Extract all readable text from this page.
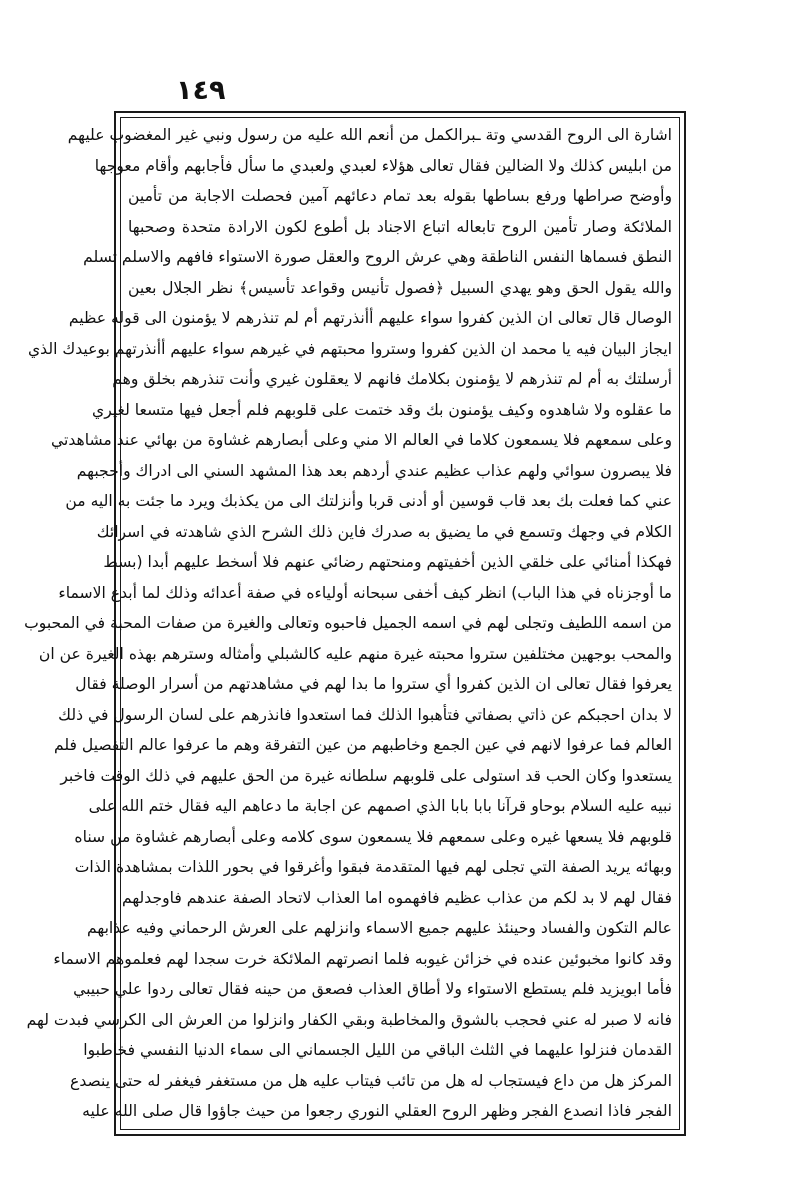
١٤٩
اشارة الى الروح القدسي وتة ـبرالكمل من أنعم الله عليه من رسول ونبي غير المغضوب عليهم
من ابليس كذلك ولا الضالين فقال تعالى هؤلاء لعبدي ولعبدي ما سأل فأجابهم وأقام معوجها
وأوضح صراطها ورفع بساطها بقوله بعد تمام دعائهم آمين فحصلت الاجابة من تأمين
الملائكة وصار تأمين الروح تابعاله اتباع الاجناد بل أطوع لكون الارادة متحدة وصحبها
النطق فسماها النفس الناطقة وهي عرش الروح والعقل صورة الاستواء فافهم والاسلم تسلم
والله يقول الحق وهو يهدي السبيل ﴿فصول تأنيس وقواعد تأسيس﴾ نظر الجلال بعين
الوصال قال تعالى ان الذين كفروا سواء عليهم أأنذرتهم أم لم تنذرهم لا يؤمنون الى قوله عظيم
ايجاز البيان فيه يا محمد ان الذين كفروا وستروا محبتهم في غيرهم سواء عليهم أأنذرتهم بوعيدك الذي
أرسلتك به أم لم تنذرهم لا يؤمنون بكلامك فانهم لا يعقلون غيري وأنت تنذرهم بخلق وهم
ما عقلوه ولا شاهدوه وكيف يؤمنون بك وقد ختمت على قلوبهم فلم أجعل فيها متسعا لغيري
وعلى سمعهم فلا يسمعون كلاما في العالم الا مني وعلى أبصارهم غشاوة من بهائي عند مشاهدتي
فلا يبصرون سوائي ولهم عذاب عظيم عندي أردهم بعد هذا المشهد السني الى ادراك وأحجبهم
عني كما فعلت بك بعد قاب قوسين أو أدنى قربا وأنزلتك الى من يكذبك ويرد ما جئت به اليه من
الكلام في وجهك وتسمع في ما يضيق به صدرك فاين ذلك الشرح الذي شاهدته في اسرائك
فهكذا أمنائي على خلقي الذين أخفيتهم ومنحتهم رضائي عنهم فلا أسخط عليهم أبدا (بسط
ما أوجزناه في هذا الباب) انظر كيف أخفى سبحانه أولياءه في صفة أعدائه وذلك لما أبدع الاسماء
من اسمه اللطيف وتجلى لهم في اسمه الجميل فاحبوه وتعالى والغيرة من صفات المحبة في المحبوب
والمحب بوجهين مختلفين ستروا محبته غيرة منهم عليه كالشبلي وأمثاله وسترهم بهذه الغيرة عن ان
يعرفوا فقال تعالى ان الذين كفروا أي ستروا ما بدا لهم في مشاهدتهم من أسرار الوصلة فقال
لا بدان احجبكم عن ذاتي بصفاتي فتأهبوا الذلك فما استعدوا فانذرهم على لسان الرسول في ذلك
العالم فما عرفوا لانهم في عين الجمع وخاطبهم من عين التفرقة وهم ما عرفوا عالم التفصيل فلم
يستعدوا وكان الحب قد استولى على قلوبهم سلطانه غيرة من الحق عليهم في ذلك الوقت فاخبر
نبيه عليه السلام بوحاو قرآنا بابا بابا الذي اصمهم عن اجابة ما دعاهم اليه فقال ختم الله على
قلوبهم فلا يسعها غيره وعلى سمعهم فلا يسمعون سوى كلامه وعلى أبصارهم غشاوة من سناه
وبهائه يريد الصفة التي تجلى لهم فيها المتقدمة فبقوا وأغرقوا في بحور اللذات بمشاهدة الذات
فقال لهم لا بد لكم من عذاب عظيم فافهموه اما العذاب لاتحاد الصفة عندهم فاوجدلهم
عالم التكون والفساد وحينئذ عليهم جميع الاسماء وانزلهم على العرش الرحماني وفيه عذابهم
وقد كانوا مخبوئين عنده في خزائن غيوبه فلما انصرتهم الملائكة خرت سجدا لهم فعلموهم الاسماء
فأما ابويزيد فلم يستطع الاستواء ولا أطاق العذاب فصعق من حينه فقال تعالى ردوا علي حبيبي
فانه لا صبر له عني فحجب بالشوق والمخاطبة وبقي الكفار وانزلوا من العرش الى الكرسي فبدت لهم
القدمان فنزلوا عليهما في الثلث الباقي من الليل الجسماني الى سماء الدنيا النفسي فخاطبوا
المركز هل من داع فيستجاب له هل من تائب فيتاب عليه هل من مستغفر فيغفر له حتى ينصدع
الفجر فاذا انصدع الفجر وظهر الروح العقلي النوري رجعوا من حيث جاؤوا قال صلى الله عليه
